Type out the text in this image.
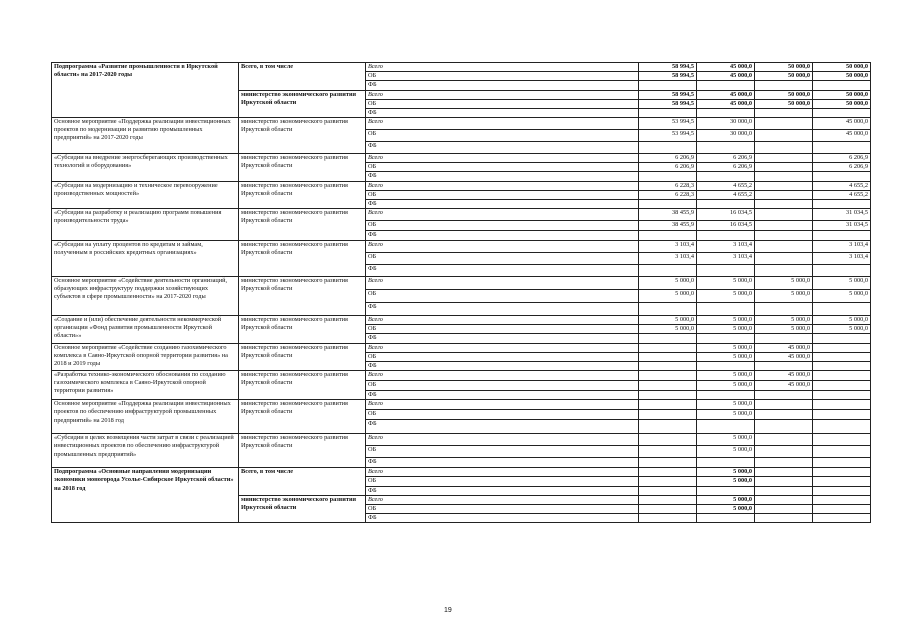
Подпрограмма «Развитие промышленности в Иркутской области» на 2017-2020 годы	Всего, в том числе	Всего	58 994,5	45 000,0	50 000,0	50 000,0
		ОБ	58 994,5	45 000,0	50 000,0	50 000,0
		ФБ				
	министерство экономического развития Иркутской области	Всего	58 994,5	45 000,0	50 000,0	50 000,0
		ОБ	58 994,5	45 000,0	50 000,0	50 000,0
		ФБ				
Основное мероприятие «Поддержка реализации инвестиционных проектов по модернизации и развитию промышленных предприятий» на 2017-2020 годы	министерство экономического развития Иркутской области	Всего	53 994,5	30 000,0		45 000,0
		ОБ	53 994,5	30 000,0		45 000,0
		ФБ				
«Субсидии на внедрение энергосберегающих производственных технологий и оборудования»	министерство экономического развития Иркутской области	Всего	6 206,9	6 206,9		6 206,9
		ОБ	6 206,9	6 206,9		6 206,9
		ФБ				
«Субсидии на модернизацию и техническое перевооружение производственных мощностей»	министерство экономического развития Иркутской области	Всего	6 228,3	4 655,2		4 655,2
		ОБ	6 228,3	4 655,2		4 655,2
		ФБ				
«Субсидии на разработку и реализацию программ повышения производительности труда»	министерство экономического развития Иркутской области	Всего	38 455,9	16 034,5		31 034,5
		ОБ	38 455,9	16 034,5		31 034,5
		ФБ				
«Субсидии на уплату процентов по кредитам и займам, полученным в российских кредитных организациях»	министерство экономического развития Иркутской области	Всего	3 103,4	3 103,4		3 103,4
		ОБ	3 103,4	3 103,4		3 103,4
		ФБ				
Основное мероприятие «Содействие деятельности организаций, образующих инфраструктуру поддержки хозяйствующих субъектов в сфере промышленности» на 2017-2020 годы	министерство экономического развития Иркутской области	Всего	5 000,0	5 000,0	5 000,0	5 000,0
		ОБ	5 000,0	5 000,0	5 000,0	5 000,0
		ФБ				
«Создание и (или) обеспечение деятельности некоммерческой организации «Фонд развития промышленности Иркутской области»»	министерство экономического развития Иркутской области	Всего	5 000,0	5 000,0	5 000,0	5 000,0
		ОБ	5 000,0	5 000,0	5 000,0	5 000,0
		ФБ				
Основное мероприятие «Содействие созданию газохимического комплекса в Саяно-Иркутской опорной территории развития» на 2018 и 2019 годы	министерство экономического развития Иркутской области	Всего		5 000,0	45 000,0	
		ОБ		5 000,0	45 000,0	
		ФБ				
«Разработка технико-экономического обоснования по созданию газохимического комплекса в Саяно-Иркутской опорной территории развития»	министерство экономического развития Иркутской области	Всего		5 000,0	45 000,0	
		ОБ		5 000,0	45 000,0	
		ФБ				
Основное мероприятие «Поддержка реализации инвестиционных проектов по обеспечению инфраструктурой промышленных предприятий» на 2018 год	министерство экономического развития Иркутской области	Всего		5 000,0		
		ОБ		5 000,0		
		ФБ				
«Субсидии в целях возмещения части затрат в связи с реализацией инвестиционных проектов по обеспечению инфраструктурой промышленных предприятий»	министерство экономического развития Иркутской области	Всего		5 000,0		
		ОБ		5 000,0		
		ФБ				
Подпрограмма «Основные направления модернизации экономики моногорода Усолье-Сибирское Иркутской области» на 2018 год	Всего, в том числе	Всего		5 000,0		
		ОБ		5 000,0		
		ФБ				
	министерство экономического развития Иркутской области	Всего		5 000,0		
		ОБ		5 000,0		
		ФБ				
19
